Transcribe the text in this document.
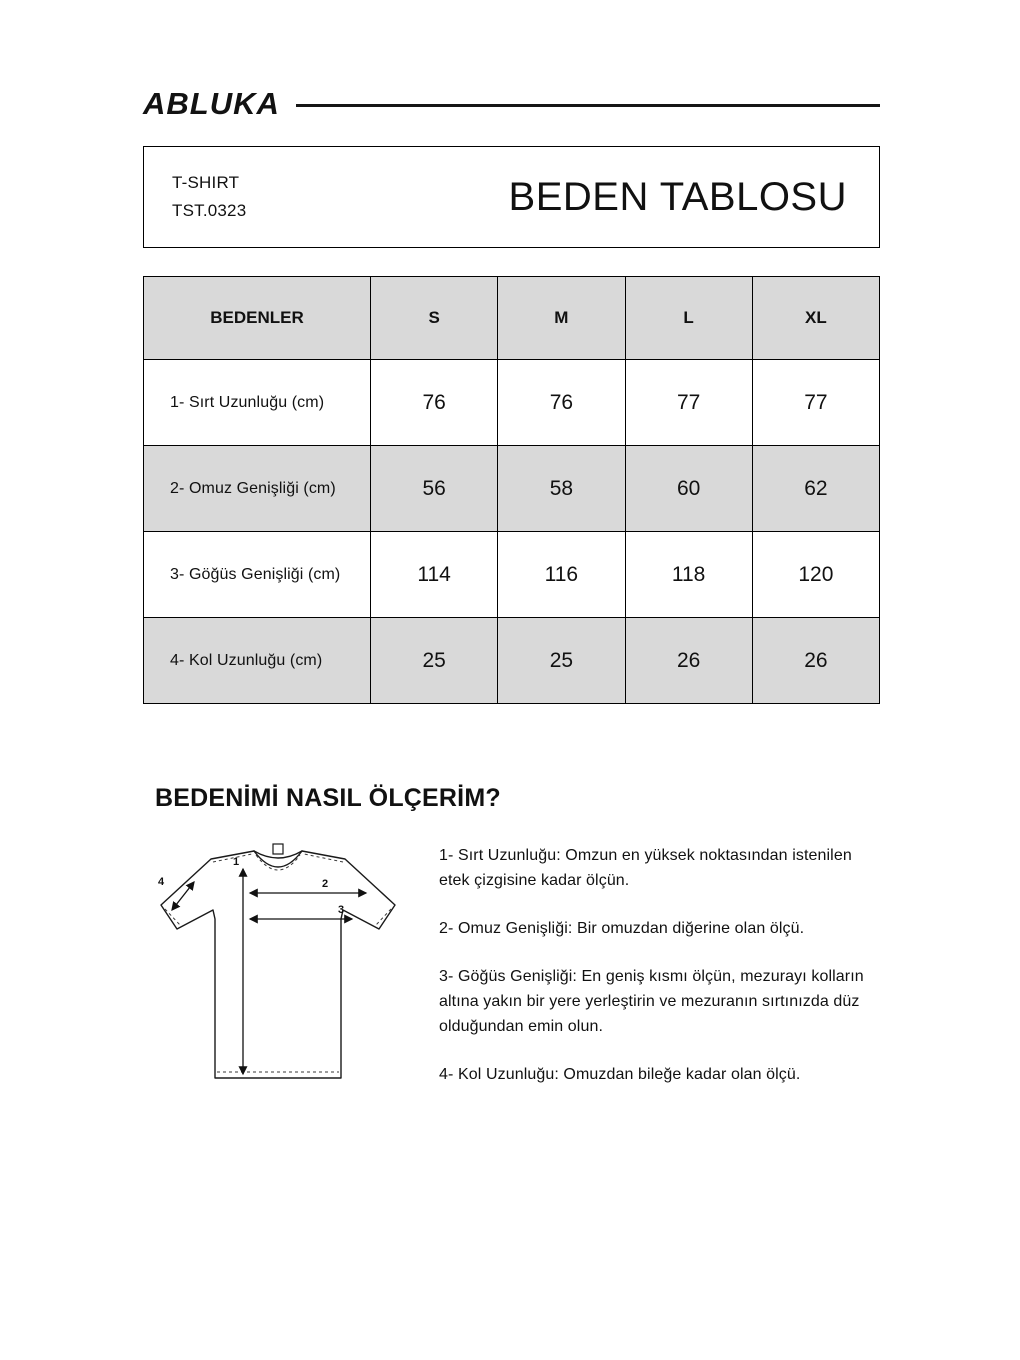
ABLUKA
T-SHIRT
TST.0323	BEDEN TABLOSU
BEDENLER	S	M	L	XL
1- Sırt Uzunluğu (cm)	76	76	77	77
2- Omuz Genişliği (cm)	56	58	60	62
3- Göğüs Genişliği (cm)	114	116	118	120
4- Kol Uzunluğu (cm)	25	25	26	26
BEDENİMİ NASIL ÖLÇERİM?
1
2
3
4

1- Sırt Uzunluğu: Omzun en yüksek noktasından istenilen etek çizgisine kadar ölçün.

2- Omuz Genişliği: Bir omuzdan diğerine olan ölçü.

3- Göğüs Genişliği: En geniş kısmı ölçün, mezurayı kolların altına yakın bir yere yerleştirin ve mezuranın sırtınızda düz olduğundan emin olun.

4- Kol Uzunluğu: Omuzdan bileğe kadar olan ölçü.
